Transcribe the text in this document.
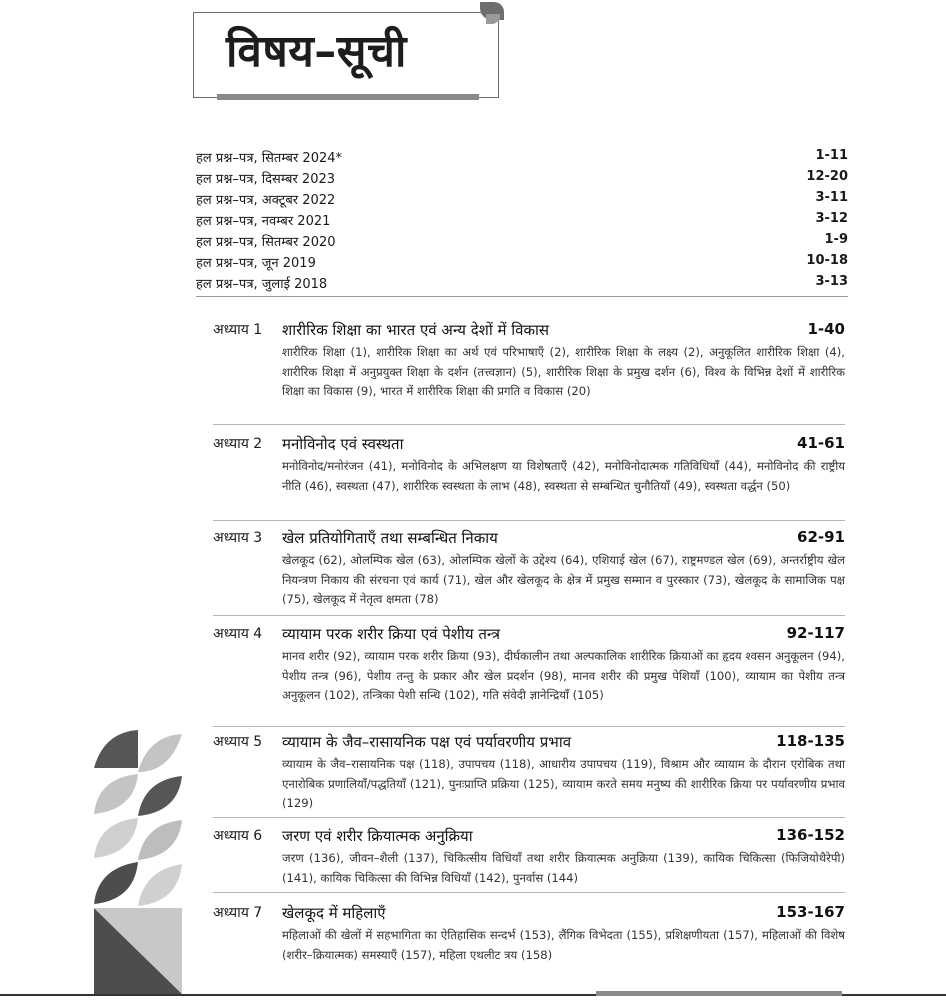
विषय–सूची
हल प्रश्न–पत्र, सितम्बर 2024*	1-11
हल प्रश्न–पत्र, दिसम्बर 2023	12-20
हल प्रश्न–पत्र, अक्टूबर 2022	3-11
हल प्रश्न–पत्र, नवम्बर 2021	3-12
हल प्रश्न–पत्र, सितम्बर 2020	1-9
हल प्रश्न–पत्र, जून 2019	10-18
हल प्रश्न–पत्र, जुलाई 2018	3-13
अध्याय 1 शारीरिक शिक्षा का भारत एवं अन्य देशों में विकास	1-40
शारीरिक शिक्षा (1), शारीरिक शिक्षा का अर्थ एवं परिभाषाएँ (2), शारीरिक शिक्षा के लक्ष्य (2), अनुकूलित शारीरिक शिक्षा (4), शारीरिक शिक्षा में अनुप्रयुक्त शिक्षा के दर्शन (तत्त्वज्ञान) (5), शारीरिक शिक्षा के प्रमुख दर्शन (6), विश्व के विभिन्न देशों में शारीरिक शिक्षा का विकास (9), भारत में शारीरिक शिक्षा की प्रगति व विकास (20)
अध्याय 2 मनोविनोद एवं स्वस्थता	41-61
मनोविनोद/मनोरंजन (41), मनोविनोद के अभिलक्षण या विशेषताएँ (42), मनोविनोदात्मक गतिविधियाँ (44), मनोविनोद की राष्ट्रीय नीति (46), स्वस्थता (47), शारीरिक स्वस्थता के लाभ (48), स्वस्थता से सम्बन्धित चुनौतियाँ (49), स्वस्थता वर्द्धन (50)
अध्याय 3 खेल प्रतियोगिताएँ तथा सम्बन्धित निकाय	62-91
खेलकूद (62), ओलम्पिक खेल (63), ओलम्पिक खेलों के उद्देश्य (64), एशियाई खेल (67), राष्ट्रमण्डल खेल (69), अन्तर्राष्ट्रीय खेल नियन्त्रण निकाय की संरचना एवं कार्य (71), खेल और खेलकूद के क्षेत्र में प्रमुख सम्मान व पुरस्कार (73), खेलकूद के सामाजिक पक्ष (75), खेलकूद में नेतृत्व क्षमता (78)
अध्याय 4 व्यायाम परक शरीर क्रिया एवं पेशीय तन्त्र	92-117
मानव शरीर (92), व्यायाम परक शरीर क्रिया (93), दीर्घकालीन तथा अल्पकालिक शारीरिक क्रियाओं का हृदय श्वसन अनुकूलन (94), पेशीय तन्त्र (96), पेशीय तन्तु के प्रकार और खेल प्रदर्शन (98), मानव शरीर की प्रमुख पेशियाँ (100), व्यायाम का पेशीय तन्त्र अनुकूलन (102), तन्त्रिका पेशी सन्धि (102), गति संवेदी ज्ञानेन्द्रियाँ (105)
अध्याय 5 व्यायाम के जैव–रासायनिक पक्ष एवं पर्यावरणीय प्रभाव	118-135
व्यायाम के जैव–रासायनिक पक्ष (118), उपापचय (118), आधारीय उपापचय (119), विश्राम और व्यायाम के दौरान एरोबिक तथा एनारोबिक प्रणालियाँ/पद्धतियाँ (121), पुनःप्राप्ति प्रक्रिया (125), व्यायाम करते समय मनुष्य की शारीरिक क्रिया पर पर्यावरणीय प्रभाव (129)
अध्याय 6 जरण एवं शरीर क्रियात्मक अनुक्रिया	136-152
जरण (136), जीवन–शैली (137), चिकित्सीय विधियाँ तथा शरीर क्रियात्मक अनुक्रिया (139), कायिक चिकित्सा (फिजियोथैरेपी) (141), कायिक चिकित्सा की विभिन्न विधियाँ (142), पुनर्वास (144)
अध्याय 7 खेलकूद में महिलाएँ	153-167
महिलाओं की खेलों में सहभागिता का ऐतिहासिक सन्दर्भ (153), लैंगिक विभेदता (155), प्रशिक्षणीयता (157), महिलाओं की विशेष (शरीर–क्रियात्मक) समस्याएँ (157), महिला एथलीट त्रय (158)
